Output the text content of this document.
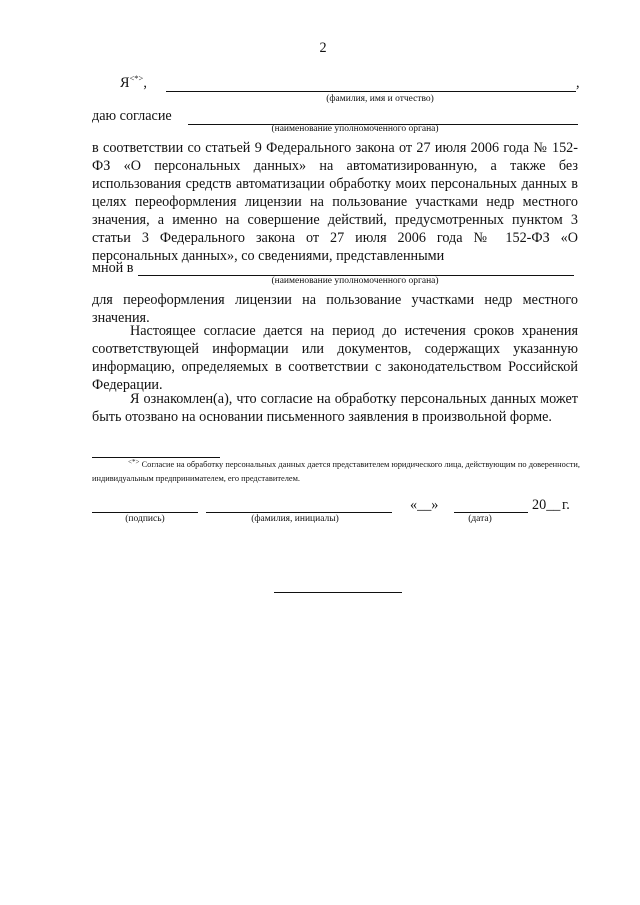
2
Я<*>,	,
(фамилия, имя и отчество)
даю согласие
(наименование уполномоченного органа)

в соответствии со статьей 9 Федерального закона от 27 июля 2006 года № 152-ФЗ «О персональных данных» на автоматизированную, а также без использования средств автоматизации обработку моих персональных данных в целях переоформления лицензии на пользование участками недр местного значения, а именно на совершение действий, предусмотренных пунктом 3 статьи 3 Федерального закона от 27 июля 2006 года № 152-ФЗ «О персональных данных», со сведениями, представленными

мной в
(наименование уполномоченного органа)

для переоформления лицензии на пользование участками недр местного значения.

Настоящее согласие дается на период до истечения сроков хранения соответствующей информации или документов, содержащих указанную информацию, определяемых в соответствии с законодательством Российской Федерации.

Я ознакомлен(а), что согласие на обработку персональных данных может быть отозвано на основании письменного заявления в произвольной форме.

<*> Согласие на обработку персональных данных дается представителем юридического лица, действующим по доверенности, индивидуальным предпринимателем, его представителем.
«__»	20__ г.
(подпись)	(фамилия, инициалы)	(дата)
